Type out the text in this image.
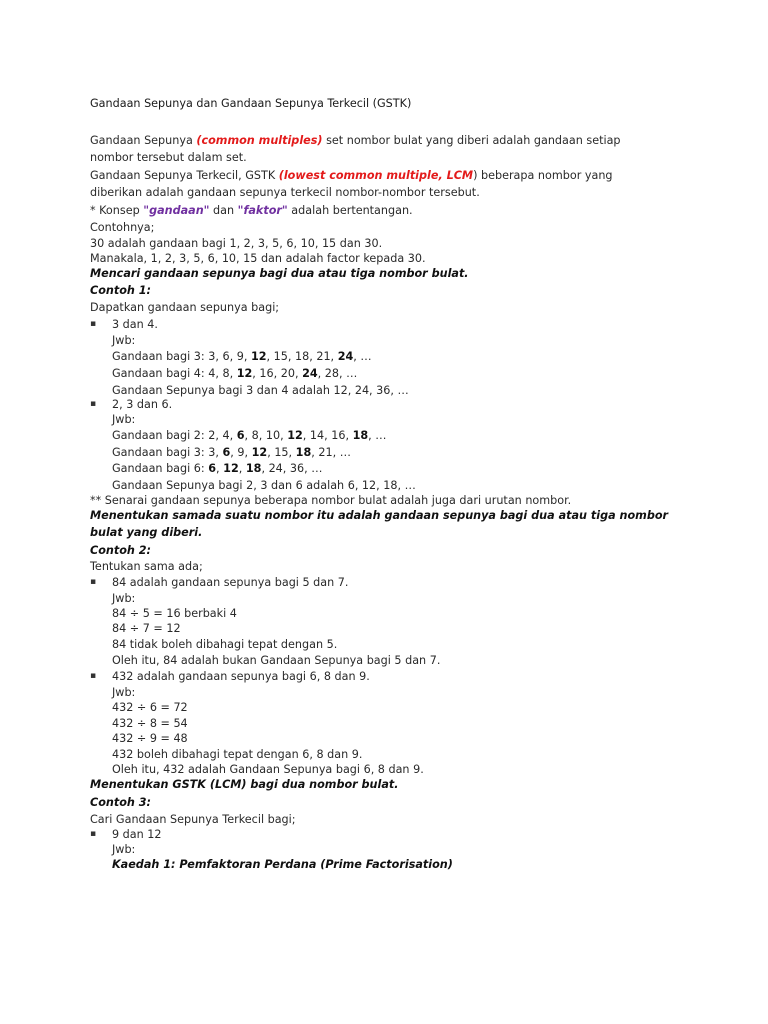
Gandaan Sepunya dan Gandaan Sepunya Terkecil (GSTK)
Gandaan Sepunya (common multiples) set nombor bulat yang diberi adalah gandaan setiap
nombor tersebut dalam set.
Gandaan Sepunya Terkecil, GSTK (lowest common multiple, LCM) beberapa nombor yang
diberikan adalah gandaan sepunya terkecil nombor-nombor tersebut.
* Konsep "gandaan" dan "faktor" adalah bertentangan.
Contohnya;
30 adalah gandaan bagi 1, 2, 3, 5, 6, 10, 15 dan 30.
Manakala, 1, 2, 3, 5, 6, 10, 15 dan adalah factor kepada 30.
Mencari gandaan sepunya bagi dua atau tiga nombor bulat.
Contoh 1:
Dapatkan gandaan sepunya bagi;
▪ 3 dan 4.
Jwb:
Gandaan bagi 3: 3, 6, 9, 12, 15, 18, 21, 24, …
Gandaan bagi 4: 4, 8, 12, 16, 20, 24, 28, …
Gandaan Sepunya bagi 3 dan 4 adalah 12, 24, 36, …
▪ 2, 3 dan 6.
Jwb:
Gandaan bagi 2: 2, 4, 6, 8, 10, 12, 14, 16, 18, …
Gandaan bagi 3: 3, 6, 9, 12, 15, 18, 21, …
Gandaan bagi 6: 6, 12, 18, 24, 36, …
Gandaan Sepunya bagi 2, 3 dan 6 adalah 6, 12, 18, …
** Senarai gandaan sepunya beberapa nombor bulat adalah juga dari urutan nombor.
Menentukan samada suatu nombor itu adalah gandaan sepunya bagi dua atau tiga nombor
bulat yang diberi.
Contoh 2:
Tentukan sama ada;
▪ 84 adalah gandaan sepunya bagi 5 dan 7.
Jwb:
84 ÷ 5 = 16 berbaki 4
84 ÷ 7 = 12
84 tidak boleh dibahagi tepat dengan 5.
Oleh itu, 84 adalah bukan Gandaan Sepunya bagi 5 dan 7.
▪ 432 adalah gandaan sepunya bagi 6, 8 dan 9.
Jwb:
432 ÷ 6 = 72
432 ÷ 8 = 54
432 ÷ 9 = 48
432 boleh dibahagi tepat dengan 6, 8 dan 9.
Oleh itu, 432 adalah Gandaan Sepunya bagi 6, 8 dan 9.
Menentukan GSTK (LCM) bagi dua nombor bulat.
Contoh 3:
Cari Gandaan Sepunya Terkecil bagi;
▪ 9 dan 12
Jwb:
Kaedah 1: Pemfaktoran Perdana (Prime Factorisation)
